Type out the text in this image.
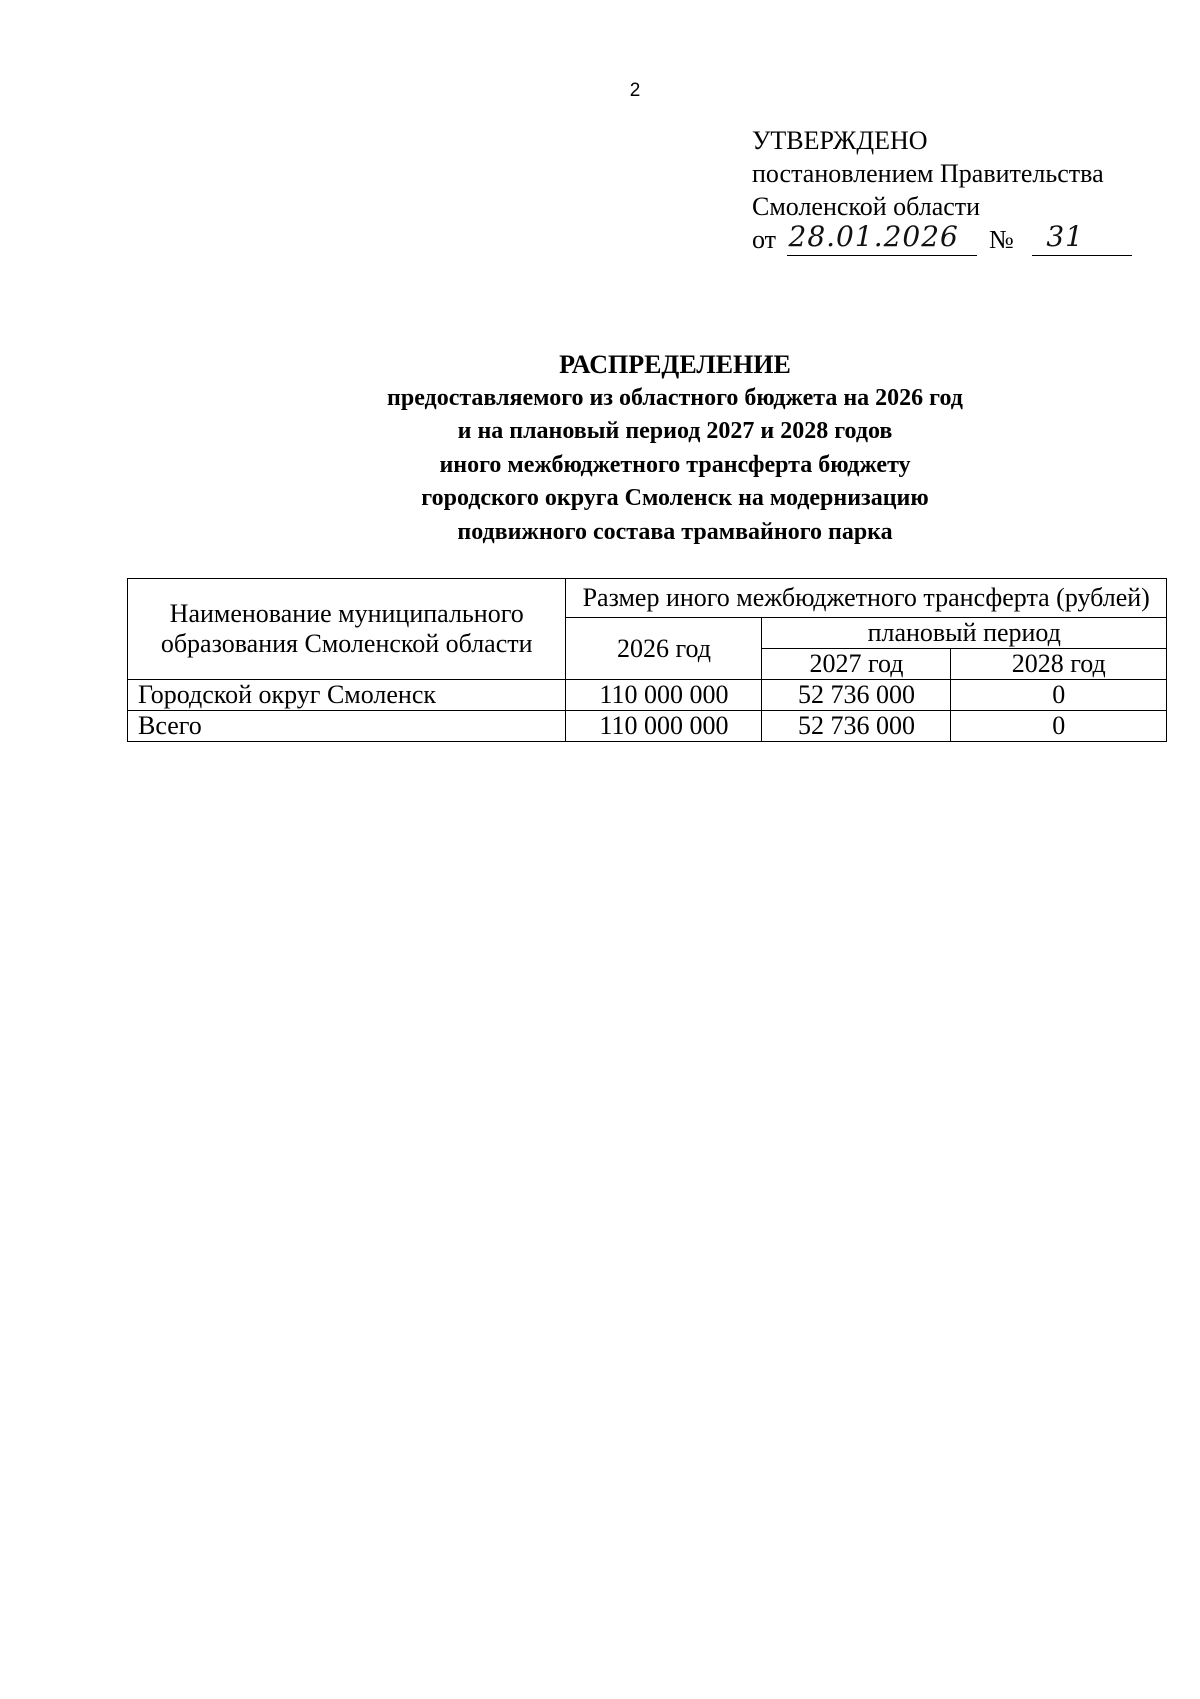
2
УТВЕРЖДЕНО
постановлением Правительства
Смоленской области
от 28.01.2026 № 31
РАСПРЕДЕЛЕНИЕ
предоставляемого из областного бюджета на 2026 год
и на плановый период 2027 и 2028 годов
иного межбюджетного трансферта бюджету
городского округа Смоленск на модернизацию
подвижного состава трамвайного парка
Наименование муниципального образования Смоленской области	Размер иного межбюджетного трансферта (рублей)		
	2026 год	плановый период	
		2027 год	2028 год
Городской округ Смоленск	110 000 000	52 736 000	0
Всего	110 000 000	52 736 000	0
